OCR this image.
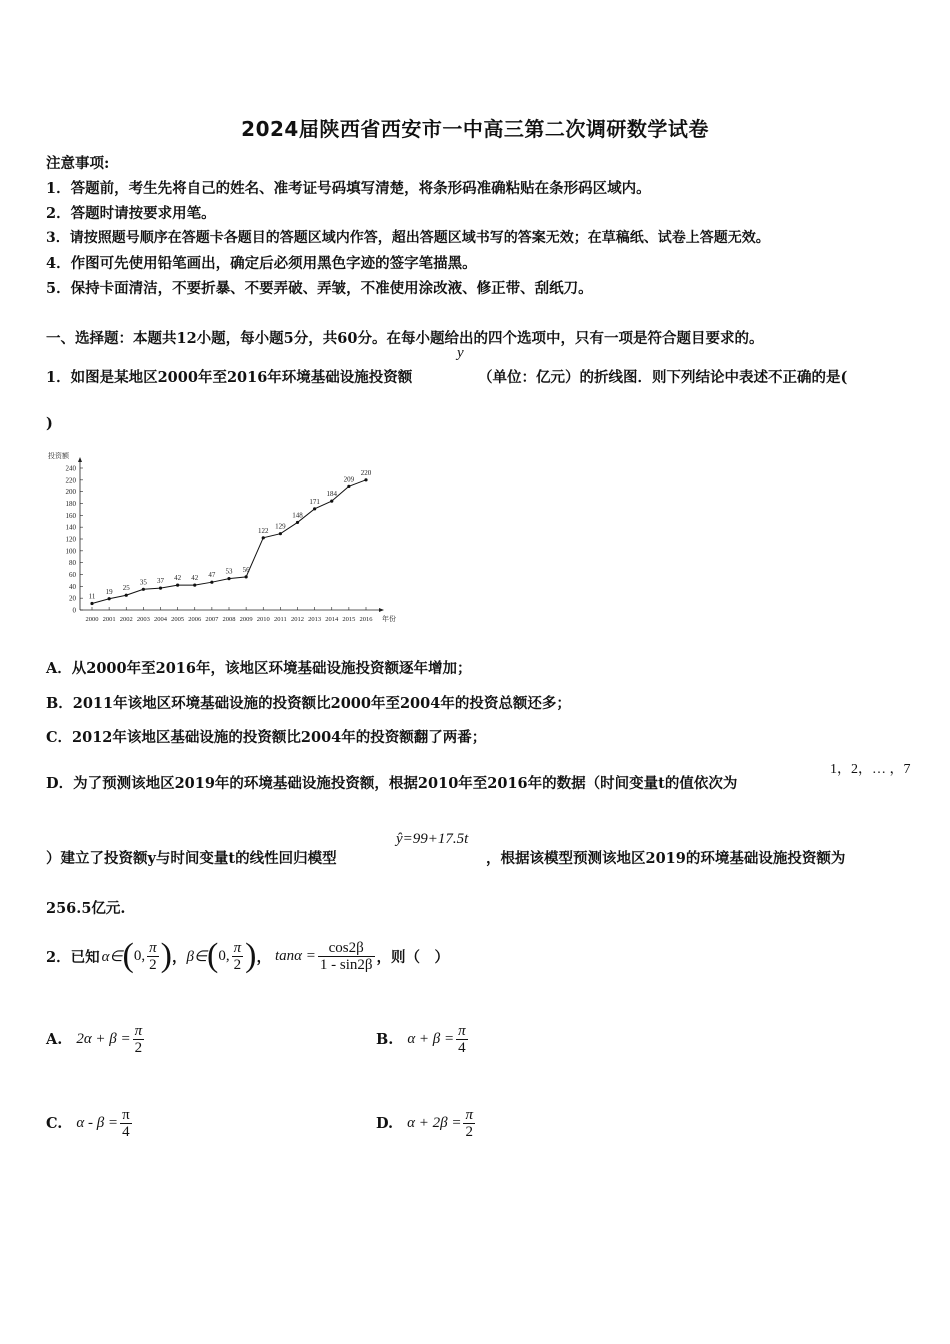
2024届陕西省西安市一中高三第二次调研数学试卷
注意事项:
1．答题前，考生先将自己的姓名、准考证号码填写清楚，将条形码准确粘贴在条形码区域内。
2．答题时请按要求用笔。
3．请按照题号顺序在答题卡各题目的答题区域内作答，超出答题区域书写的答案无效；在草稿纸、试卷上答题无效。
4．作图可先使用铅笔画出，确定后必须用黑色字迹的签字笔描黑。
5．保持卡面清洁，不要折暴、不要弄破、弄皱，不准使用涂改液、修正带、刮纸刀。
一、选择题：本题共12小题，每小题5分，共60分。在每小题给出的四个选项中，只有一项是符合题目要求的。
1．如图是某地区2000年至2016年环境基础设施投资额
y
（单位：亿元）的折线图．则下列结论中表述不正确的是(
)
投资额
0
20
40
60
80
100
120
140
160
180
200
220
240
2000 2001 2002 2003 2004 2005 2006 2007 2008 2009 2010 2011 2012 2013 2014 2015 2016
11
19 25
35 37 42 42 47 53 56
122
129
148
171
184
209
220
年份
A．从2000年至2016年，该地区环境基础设施投资额逐年增加；
B．2011年该地区环境基础设施的投资额比2000年至2004年的投资总额还多；
C．2012年该地区基础设施的投资额比2004年的投资额翻了两番；
D．为了预测该地区2019年的环境基础设施投资额，根据2010年至2016年的数据（时间变量t的值依次为
1，2，… ，7
）建立了投资额y与时间变量t的线性回归模型
ŷ=99+17.5t
，根据该模型预测该地区2019的环境基础设施投资额为
256.5亿元.
2．已知 α∈ ( 0, $\frac{\pi}{2}$ ) ， β∈ ( 0, $\frac{\pi}{2}$ ) ， $\tan\alpha = \frac{\cos 2\beta}{1 - \sin 2\beta}$ ，则（　）
A. $2\alpha + \beta = \frac{\pi}{2}$	B. $\alpha + \beta = \frac{\pi}{4}$
C. $\alpha - \beta = \frac{\pi}{4}$	D. $\alpha + 2\beta = \frac{\pi}{2}$
